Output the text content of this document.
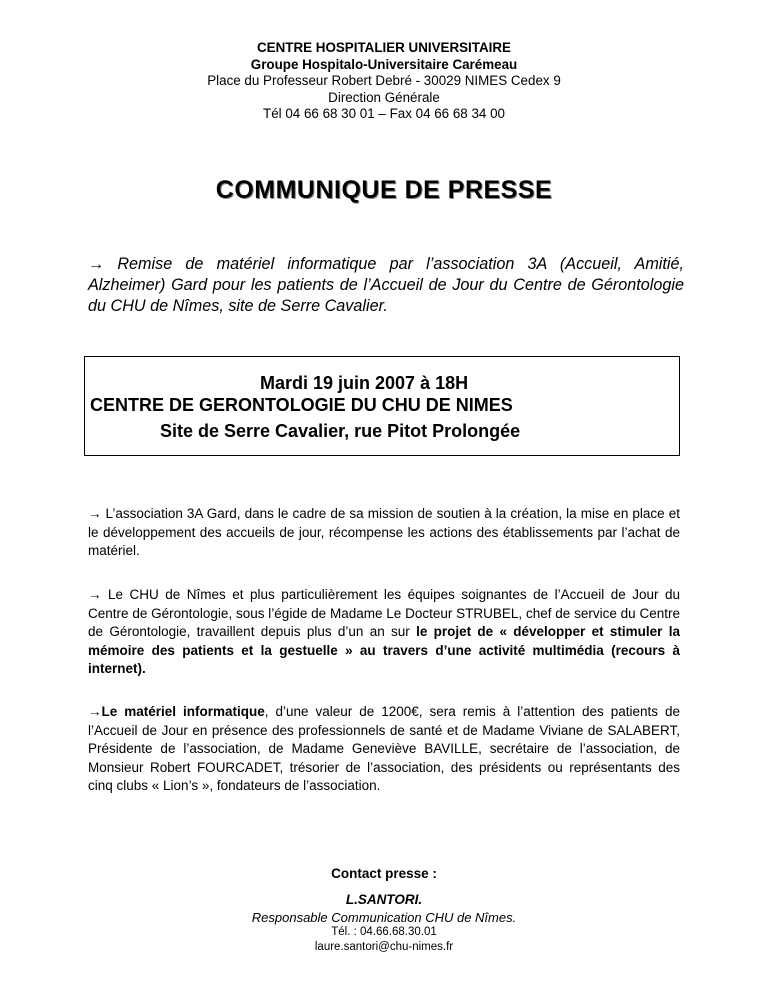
CENTRE HOSPITALIER UNIVERSITAIRE
Groupe Hospitalo-Universitaire Carémeau
Place du Professeur Robert Debré - 30029 NIMES Cedex 9
Direction Générale
Tél 04 66 68 30 01 – Fax 04 66 68 34 00
COMMUNIQUE DE PRESSE
→ Remise de matériel informatique par l’association 3A (Accueil, Amitié, Alzheimer) Gard pour les patients de l’Accueil de Jour du Centre de Gérontologie du CHU de Nîmes, site de Serre Cavalier.
Mardi 19 juin 2007 à 18H
CENTRE DE GERONTOLOGIE DU CHU DE NIMES
Site de Serre Cavalier, rue Pitot Prolongée
→ L’association 3A Gard, dans le cadre de sa mission de soutien à la création, la mise en place et le développement des accueils de jour, récompense les actions des établissements par l’achat de matériel.
→ Le CHU de Nîmes et plus particulièrement les équipes soignantes de l’Accueil de Jour du Centre de Gérontologie, sous l’égide de Madame Le Docteur STRUBEL, chef de service du Centre de Gérontologie, travaillent depuis plus d’un an sur le projet de « développer et stimuler la mémoire des patients et la gestuelle » au travers d’une activité multimédia (recours à internet).
→Le matériel informatique, d’une valeur de 1200€, sera remis à l’attention des patients de l’Accueil de Jour en présence des professionnels de santé et de Madame Viviane de SALABERT, Présidente de l’association, de Madame Geneviève BAVILLE, secrétaire de l’association, de Monsieur Robert FOURCADET, trésorier de l’association, des présidents ou représentants des cinq clubs « Lion’s », fondateurs de l’association.
Contact presse :
L.SANTORI.
Responsable Communication CHU de Nîmes.
Tél. : 04.66.68.30.01
laure.santori@chu-nimes.fr
